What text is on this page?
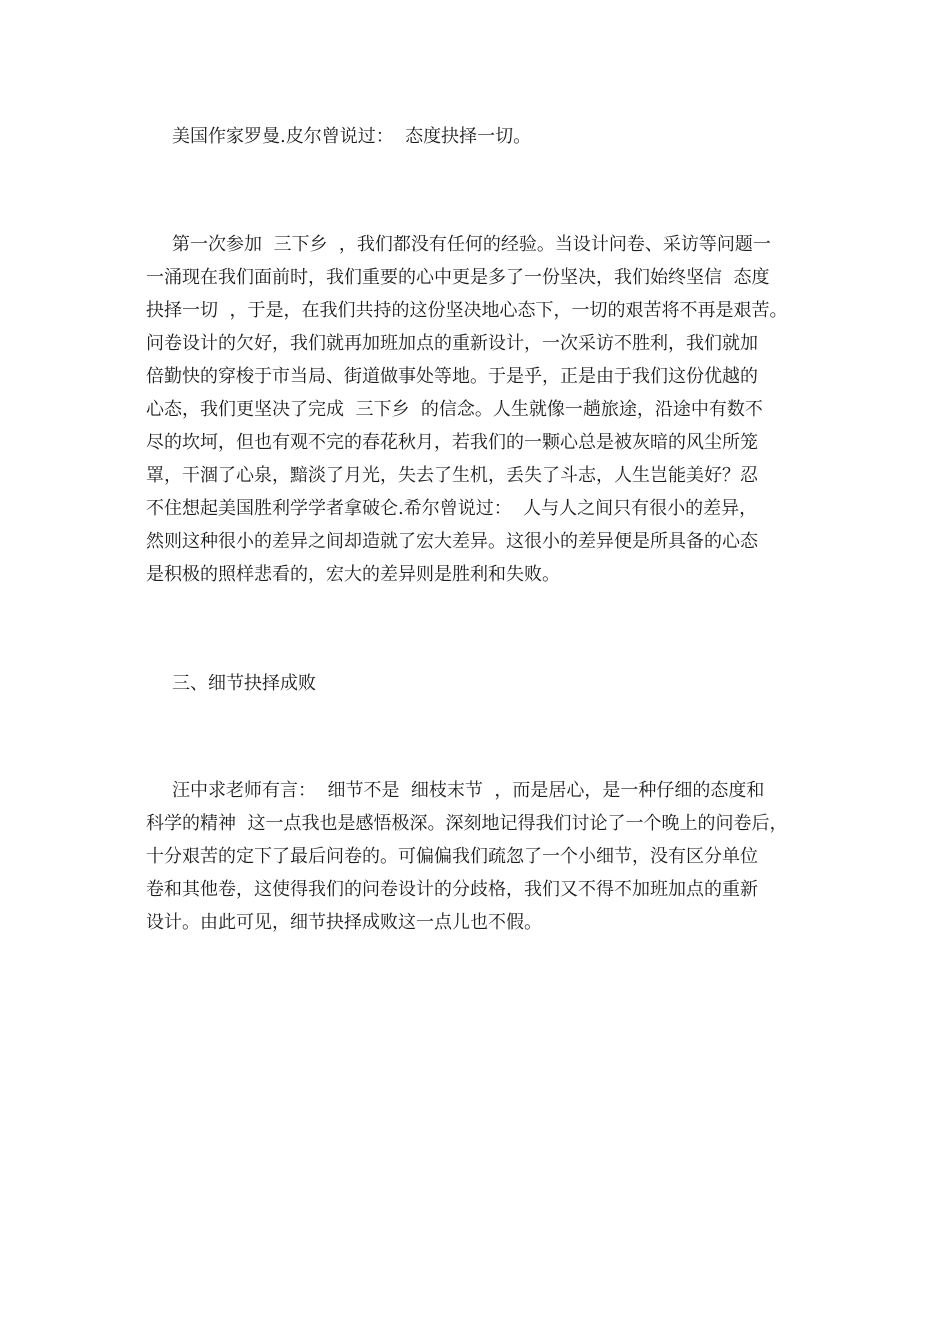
美国作家罗曼.皮尔曾说过：  态度抉择一切。

第一次参加  三下乡  ，我们都没有任何的经验。当设计问卷、采访等问题一

一涌现在我们面前时，我们重要的心中更是多了一份坚决，我们始终坚信  态度

抉择一切  ，于是，在我们共持的这份坚决地心态下，一切的艰苦将不再是艰苦。

问卷设计的欠好，我们就再加班加点的重新设计，一次采访不胜利，我们就加

倍勤快的穿梭于市当局、街道做事处等地。于是乎，正是由于我们这份优越的

心态，我们更坚决了完成  三下乡  的信念。人生就像一趟旅途，沿途中有数不

尽的坎坷，但也有观不完的春花秋月，若我们的一颗心总是被灰暗的风尘所笼

罩，干涸了心泉，黯淡了月光，失去了生机，丢失了斗志，人生岂能美好？忍

不住想起美国胜利学学者拿破仑.希尔曾说过：  人与人之间只有很小的差异，

然则这种很小的差异之间却造就了宏大差异。这很小的差异便是所具备的心态

是积极的照样悲看的，宏大的差异则是胜利和失败。

三、细节抉择成败

汪中求老师有言：  细节不是  细枝末节  ，而是居心，是一种仔细的态度和

科学的精神  这一点我也是感悟极深。深刻地记得我们讨论了一个晚上的问卷后，

十分艰苦的定下了最后问卷的。可偏偏我们疏忽了一个小细节，没有区分单位

卷和其他卷，这使得我们的问卷设计的分歧格，我们又不得不加班加点的重新

设计。由此可见，细节抉择成败这一点儿也不假。
